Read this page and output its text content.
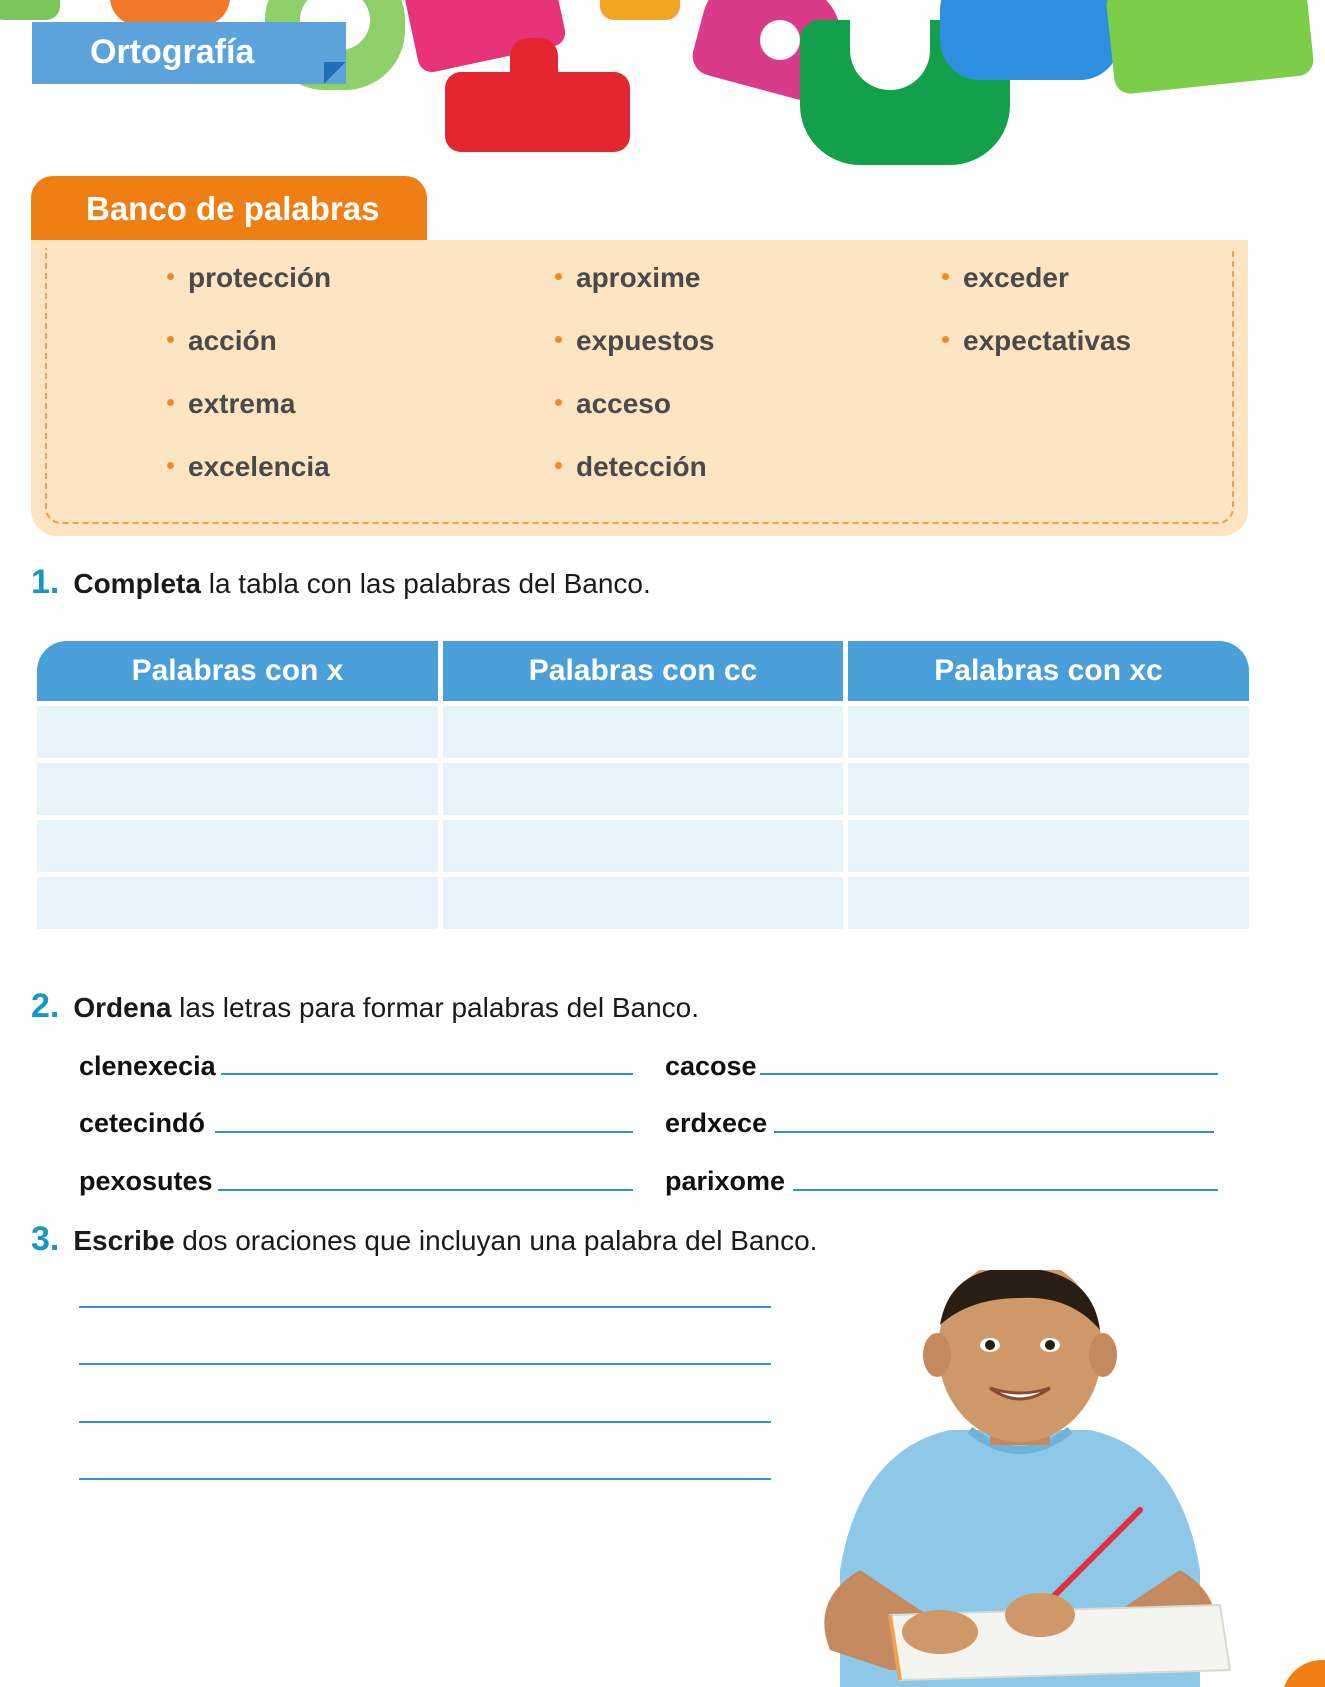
Ortografía
Banco de palabras
protección
acción
extrema
excelencia
aproxime
expuestos
acceso
detección
exceder
expectativas
1. Completa la tabla con las palabras del Banco.
Palabras con x	Palabras con cc	Palabras con xc
2. Ordena las letras para formar palabras del Banco.
clenexecia	cacose
cetecindó	erdxece
pexosutes	parixome
3. Escribe dos oraciones que incluyan una palabra del Banco.
